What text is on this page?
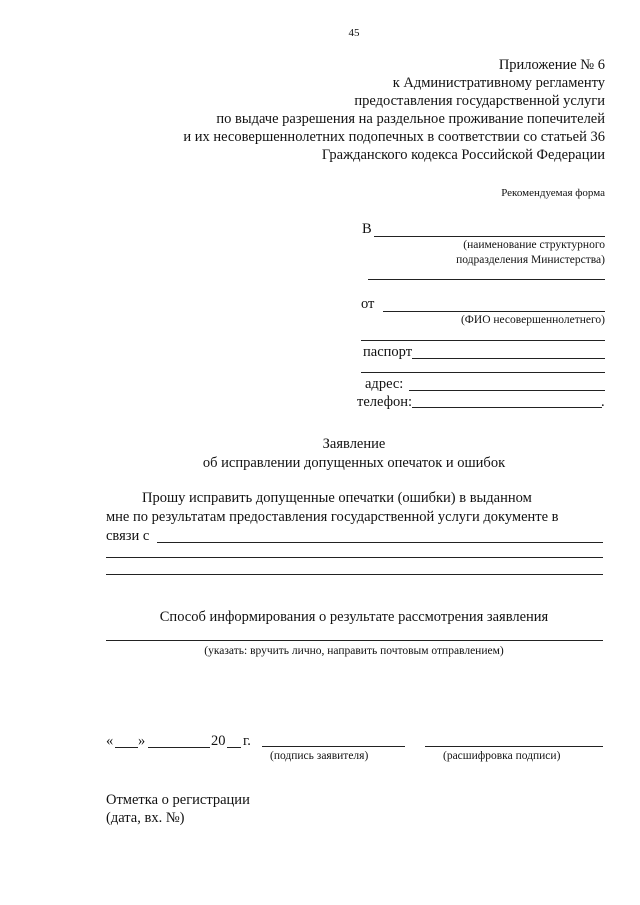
45
Приложение № 6
к Административному регламенту
предоставления государственной услуги
по выдаче разрешения на раздельное проживание попечителей
и их несовершеннолетних подопечных в соответствии со статьей 36
Гражданского кодекса Российской Федерации
Рекомендуемая форма
В
(наименование структурного
подразделения Министерства)
от
(ФИО несовершеннолетнего)
паспорт
адрес:
телефон:	.
Заявление
об исправлении допущенных опечаток и ошибок
Прошу исправить допущенные опечатки (ошибки) в выданном
мне по результатам предоставления государственной услуги документе в
связи с
Способ информирования о результате рассмотрения заявления
(указать: вручить лично, направить почтовым отправлением)
« »	20 г.
(подпись заявителя)	(расшифровка подписи)
Отметка о регистрации
(дата, вх. №)
